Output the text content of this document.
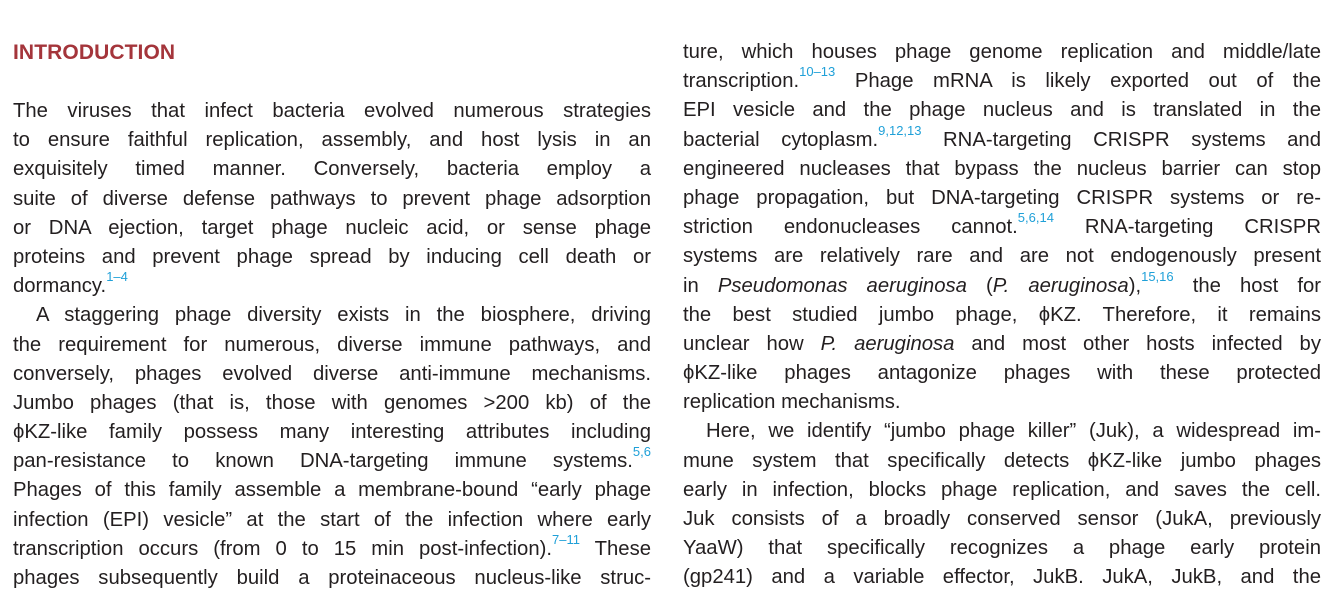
INTRODUCTION
The viruses that infect bacteria evolved numerous strategies
to ensure faithful replication, assembly, and host lysis in an
exquisitely timed manner. Conversely, bacteria employ a
suite of diverse defense pathways to prevent phage adsorption
or DNA ejection, target phage nucleic acid, or sense phage
proteins and prevent phage spread by inducing cell death or
dormancy.$^{1-4}$
A staggering phage diversity exists in the biosphere, driving
the requirement for numerous, diverse immune pathways, and
conversely, phages evolved diverse anti-immune mechanisms.
Jumbo phages (that is, those with genomes >200 kb) of the
ϕKZ-like family possess many interesting attributes including
pan-resistance to known DNA-targeting immune systems.$^{5,6}$
Phages of this family assemble a membrane-bound “early phage
infection (EPI) vesicle” at the start of the infection where early
transcription occurs (from 0 to 15 min post-infection).$^{7-11}$ These
phages subsequently build a proteinaceous nucleus-like struc-
ture, which houses phage genome replication and middle/late
transcription.$^{10-13}$ Phage mRNA is likely exported out of the
EPI vesicle and the phage nucleus and is translated in the
bacterial cytoplasm.$^{9,12,13}$ RNA-targeting CRISPR systems and
engineered nucleases that bypass the nucleus barrier can stop
phage propagation, but DNA-targeting CRISPR systems or re-
striction endonucleases cannot.$^{5,6,14}$ RNA-targeting CRISPR
systems are relatively rare and are not endogenously present
in Pseudomonas aeruginosa (P. aeruginosa),$^{15,16}$ the host for
the best studied jumbo phage, ϕKZ. Therefore, it remains
unclear how P. aeruginosa and most other hosts infected by
ϕKZ-like phages antagonize phages with these protected
replication mechanisms.
Here, we identify “jumbo phage killer” (Juk), a widespread im-
mune system that specifically detects ϕKZ-like jumbo phages
early in infection, blocks phage replication, and saves the cell.
Juk consists of a broadly conserved sensor (JukA, previously
YaaW) that specifically recognizes a phage early protein
(gp241) and a variable effector, JukB. JukA, JukB, and the
